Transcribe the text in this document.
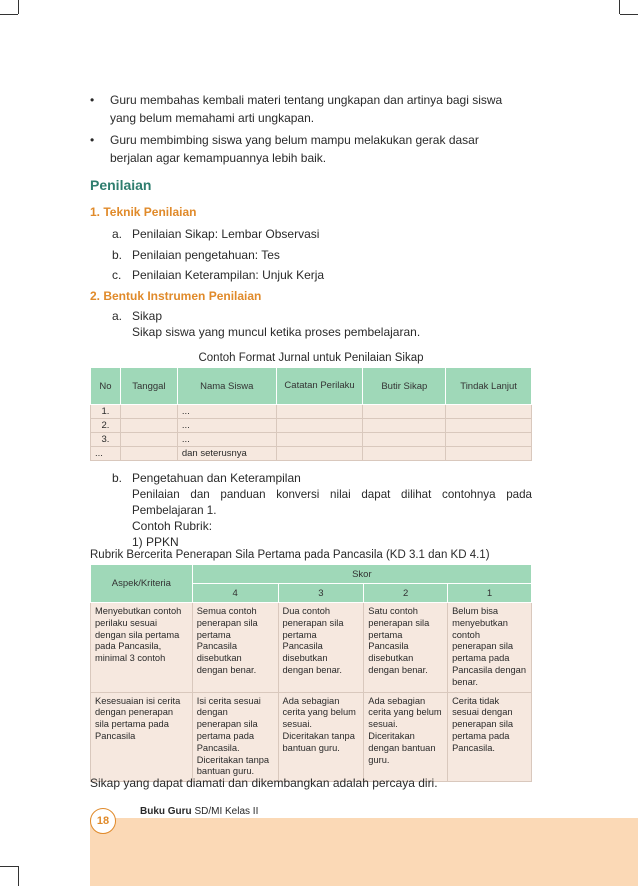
• Guru membahas kembali materi tentang ungkapan dan artinya bagi siswa yang belum memahami arti ungkapan.
• Guru membimbing siswa yang belum mampu melakukan gerak dasar berjalan agar kemampuannya lebih baik.
Penilaian
1. Teknik Penilaian
a. Penilaian Sikap: Lembar Observasi
b. Penilaian pengetahuan: Tes
c. Penilaian Keterampilan: Unjuk Kerja
2. Bentuk Instrumen Penilaian
a. Sikap
Sikap siswa yang muncul ketika proses pembelajaran.
Contoh Format Jurnal untuk Penilaian Sikap
No	Tanggal	Nama Siswa	Catatan Perilaku	Butir Sikap	Tindak Lanjut
1.		...			
2.		...			
3.		...			
...		dan seterusnya			
b. Pengetahuan dan Keterampilan
Penilaian dan panduan konversi nilai dapat dilihat contohnya pada Pembelajaran 1.
Contoh Rubrik:
1) PPKN
Rubrik Bercerita Penerapan Sila Pertama pada Pancasila (KD 3.1 dan KD 4.1)
Aspek/Kriteria	Skor			
	4	3	2	1
Menyebutkan contoh perilaku sesuai dengan sila pertama pada Pancasila, minimal 3 contoh	Semua contoh penerapan sila pertama Pancasila disebutkan dengan benar.	Dua contoh penerapan sila pertama Pancasila disebutkan dengan benar.	Satu contoh penerapan sila pertama Pancasila disebutkan dengan benar.	Belum bisa menyebutkan contoh penerapan sila pertama pada Pancasila dengan benar.
Kesesuaian isi cerita dengan penerapan sila pertama pada Pancasila	Isi cerita sesuai dengan penerapan sila pertama pada Pancasila. Diceritakan tanpa bantuan guru.	Ada sebagian cerita yang belum sesuai. Diceritakan tanpa bantuan guru.	Ada sebagian cerita yang belum sesuai. Diceritakan dengan bantuan guru.	Cerita tidak sesuai dengan penerapan sila pertama pada Pancasila.
Sikap yang dapat diamati dan dikembangkan adalah percaya diri.
18
Buku Guru SD/MI Kelas II
